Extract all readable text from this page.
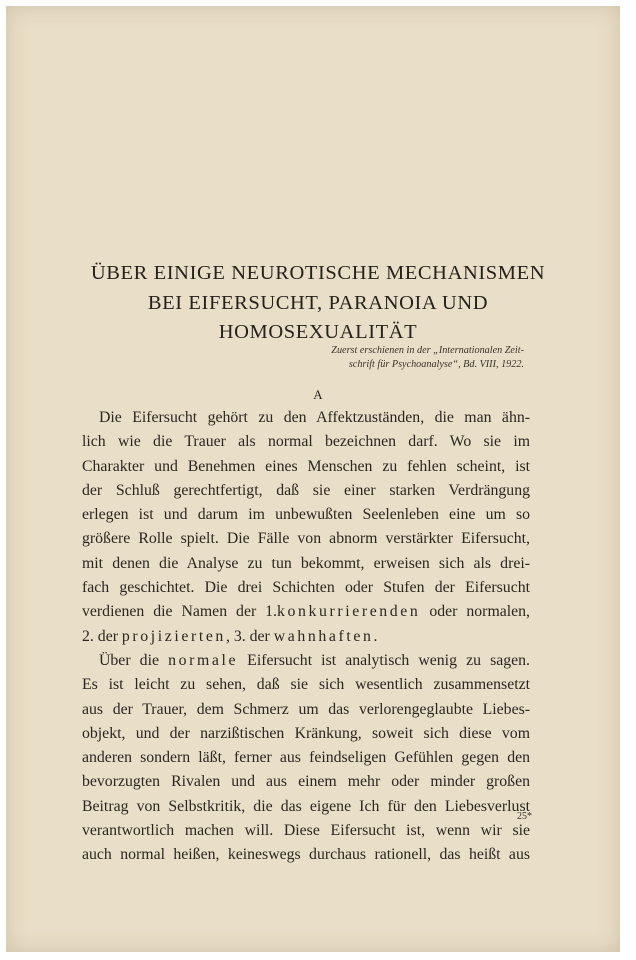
ÜBER EINIGE NEUROTISCHE MECHANISMEN
BEI EIFERSUCHT, PARANOIA UND
HOMOSEXUALITÄT
Zuerst erschienen in der „Internationalen Zeit-
schrift für Psychoanalyse“, Bd. VIII, 1922.
A
Die Eifersucht gehört zu den Affektzuständen, die man ähn-
lich wie die Trauer als normal bezeichnen darf. Wo sie im
Charakter und Benehmen eines Menschen zu fehlen scheint, ist
der Schluß gerechtfertigt, daß sie einer starken Verdrängung
erlegen ist und darum im unbewußten Seelenleben eine um so
größere Rolle spielt. Die Fälle von abnorm verstärkter Eifersucht,
mit denen die Analyse zu tun bekommt, erweisen sich als drei-
fach geschichtet. Die drei Schichten oder Stufen der Eifersucht
verdienen die Namen der 1.konkurrierenden oder normalen,
2. der projizierten, 3. der wahnhaften.
Über die normale Eifersucht ist analytisch wenig zu sagen.
Es ist leicht zu sehen, daß sie sich wesentlich zusammensetzt
aus der Trauer, dem Schmerz um das verlorengeglaubte Liebes-
objekt, und der narzißtischen Kränkung, soweit sich diese vom
anderen sondern läßt, ferner aus feindseligen Gefühlen gegen den
bevorzugten Rivalen und aus einem mehr oder minder großen
Beitrag von Selbstkritik, die das eigene Ich für den Liebesverlust
verantwortlich machen will. Diese Eifersucht ist, wenn wir sie
auch normal heißen, keineswegs durchaus rationell, das heißt aus
25*
